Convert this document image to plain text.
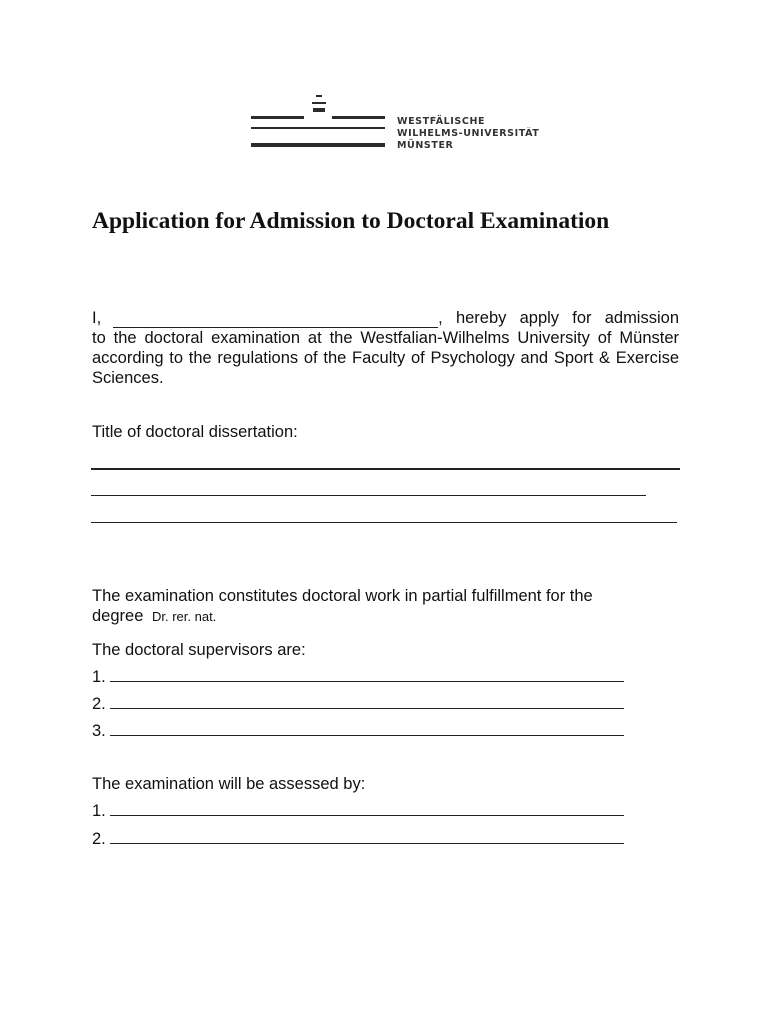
WESTFÄLISCHE
WILHELMS-UNIVERSITÄT
MÜNSTER
Application for Admission to Doctoral Examination
I,	, hereby apply for admission
to the doctoral examination at the Westfalian-Wilhelms University of Münster according to the regulations of the Faculty of Psychology and Sport & Exercise Sciences.
Title of doctoral dissertation:
The examination constitutes doctoral work in partial fulfillment for the
degree Dr. rer. nat.
The doctoral supervisors are:
1.
2.
3.
The examination will be assessed by:
1.
2.
